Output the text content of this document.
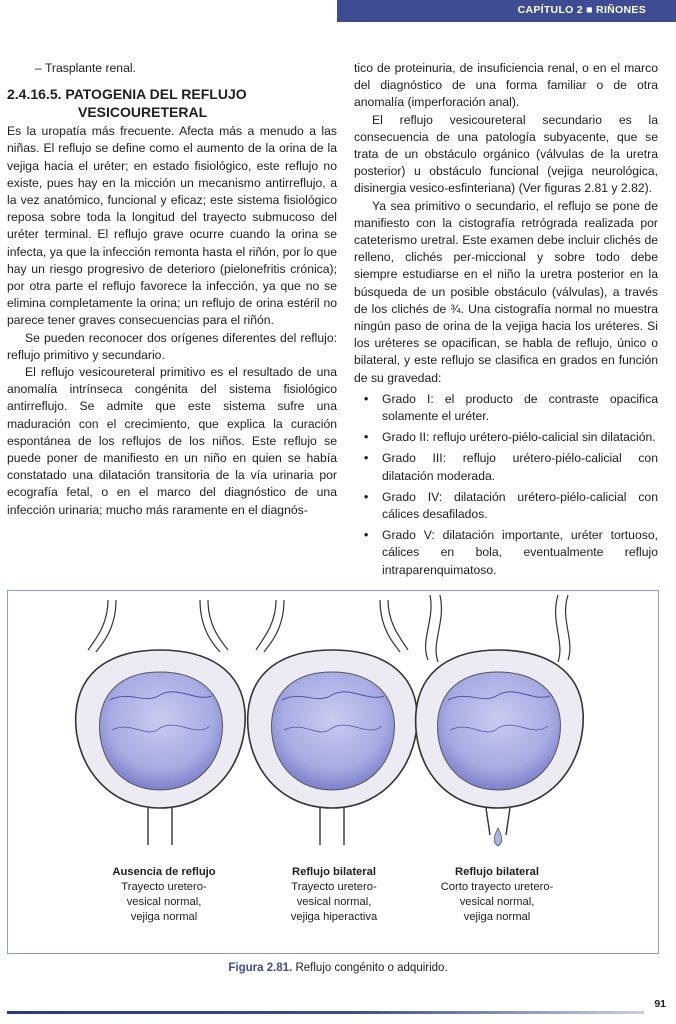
CAPÍTULO 2 ■ RIÑONES

– Trasplante renal.

2.4.16.5. PATOGENIA DEL REFLUJO
VESICOURETERAL

Es la uropatía más frecuente. Afecta más a menudo a las niñas. El reflujo se define como el aumento de la orina de la vejiga hacia el uréter; en estado fisiológico, este reflujo no existe, pues hay en la micción un mecanismo antirreflujo, a la vez anatómico, funcional y eficaz; este sistema fisiológico reposa sobre toda la longitud del trayecto submucoso del uréter terminal. El reflujo grave ocurre cuando la orina se infecta, ya que la infección remonta hasta el riñón, por lo que hay un riesgo progresivo de deterioro (pielonefritis crónica); por otra parte el reflujo favorece la infección, ya que no se elimina completamente la orina; un reflujo de orina estéril no parece tener graves consecuencias para el riñón.

Se pueden reconocer dos orígenes diferentes del reflujo: reflujo primitivo y secundario.

El reflujo vesicoureteral primitivo es el resultado de una anomalía intrínseca congénita del sistema fisiológico antirreflujo. Se admite que este sistema sufre una maduración con el crecimiento, que explica la curación espontánea de los reflujos de los niños. Este reflujo se puede poner de manifiesto en un niño en quien se había constatado una dilatación transitoria de la vía urinaria por ecografía fetal, o en el marco del diagnóstico de una infección urinaria; mucho más raramente en el diagnós-

tico de proteinuria, de insuficiencia renal, o en el marco del diagnóstico de una forma familiar o de otra anomalía (imperforación anal).

El reflujo vesicoureteral secundario es la consecuencia de una patología subyacente, que se trata de un obstáculo orgánico (válvulas de la uretra posterior) u obstáculo funcional (vejiga neurológica, disinergia vesico-esfinteriana) (Ver figuras 2.81 y 2.82).

Ya sea primitivo o secundario, el reflujo se pone de manifiesto con la cistografía retrógrada realizada por cateterismo uretral. Este examen debe incluir clichés de relleno, clichés per-miccional y sobre todo debe siempre estudiarse en el niño la uretra posterior en la búsqueda de un posible obstáculo (válvulas), a través de los clichés de ¾. Una cistografía normal no muestra ningún paso de orina de la vejiga hacia los uréteres. Si los uréteres se opacifican, se habla de reflujo, único o bilateral, y este reflujo se clasifica en grados en función de su gravedad:

• Grado I: el producto de contraste opacifica solamente el uréter.
• Grado II: reflujo urétero-piélo-calicial sin dilatación.
• Grado III: reflujo urétero-piélo-calicial con dilatación moderada.
• Grado IV: dilatación urétero-piélo-calicial con cálices desafilados.
• Grado V: dilatación importante, uréter tortuoso, cálices en bola, eventualmente reflujo intraparenquimatoso.
Ausencia de reflujo
Trayecto uretero-
vesical normal,
vejiga normal
Reflujo bilateral
Trayecto uretero-
vesical normal,
vejiga hiperactiva
Reflujo bilateral
Corto trayecto uretero-
vesical normal,
vejiga normal
Figura 2.81. Reflujo congénito o adquirido.
91
